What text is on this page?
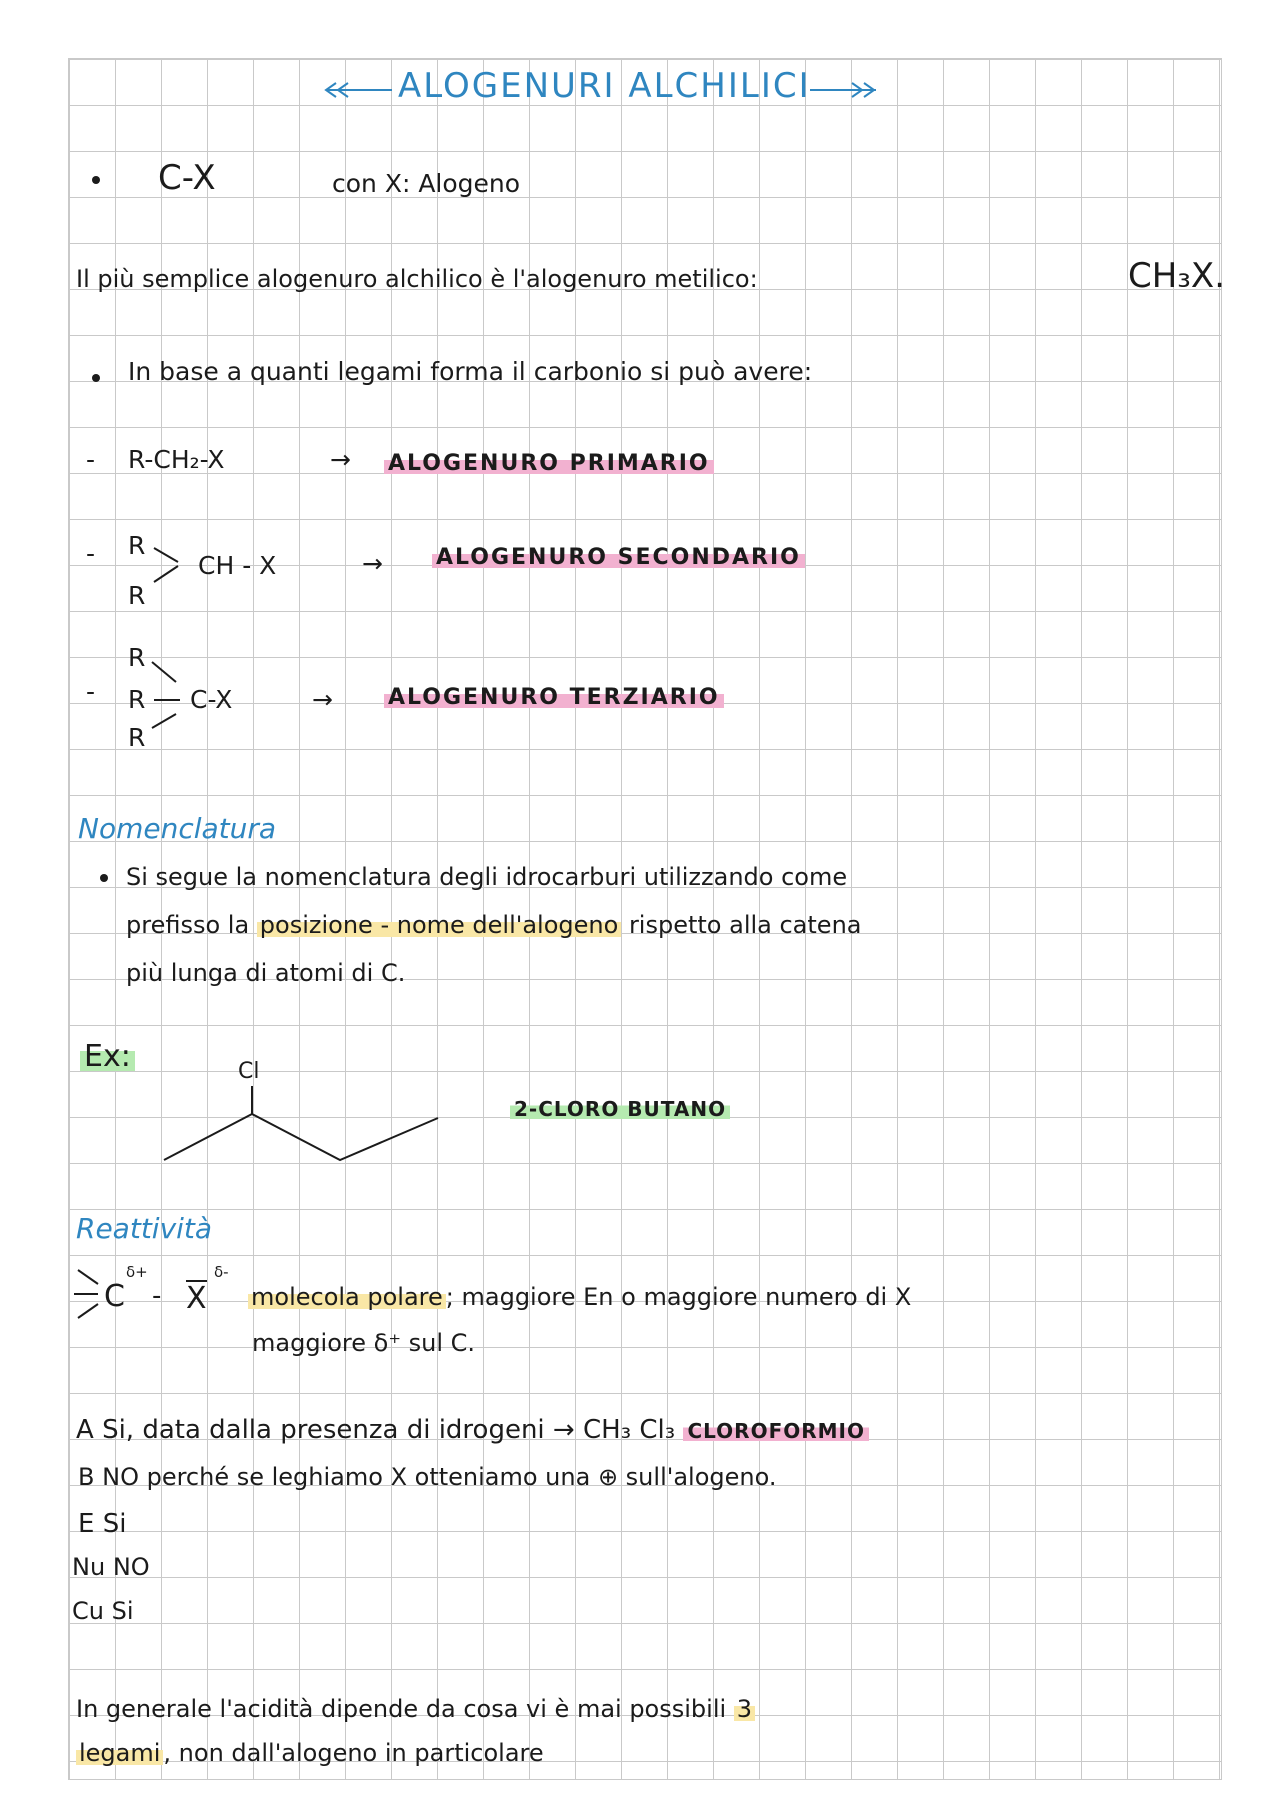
ALOGENURI ALCHILICI
C-X	con X: Alogeno
Il più semplice alogenuro alchilico è l'alogenuro metilico:	CH₃X.
In base a quanti legami forma il carbonio si può avere:
- R-CH₂-X	→ ALOGENURO PRIMARIO
- R
R
CH - X	→ ALOGENURO SECONDARIO
-
R
R
R
C-X	→	ALOGENURO TERZIARIO
Nomenclatura
Si segue la nomenclatura degli idrocarburi utilizzando come
prefisso la posizione - nome dell'alogeno rispetto alla catena
più lunga di atomi di C.
Ex:	Cl
2-CLORO BUTANO
Reattività
C
δ+
- X
δ-
molecola polare ; maggiore En o maggiore numero di X
maggiore δ⁺ sul C.
A Si, data dalla presenza di idrogeni → CH₃ Cl₃ CLOROFORMIO
B NO perché se leghiamo X otteniamo una ⊕ sull'alogeno.
E Si
Nu NO
Cu Si
In generale l'acidità dipende da cosa vi è mai possibili 3
legami , non dall'alogeno in particolare
